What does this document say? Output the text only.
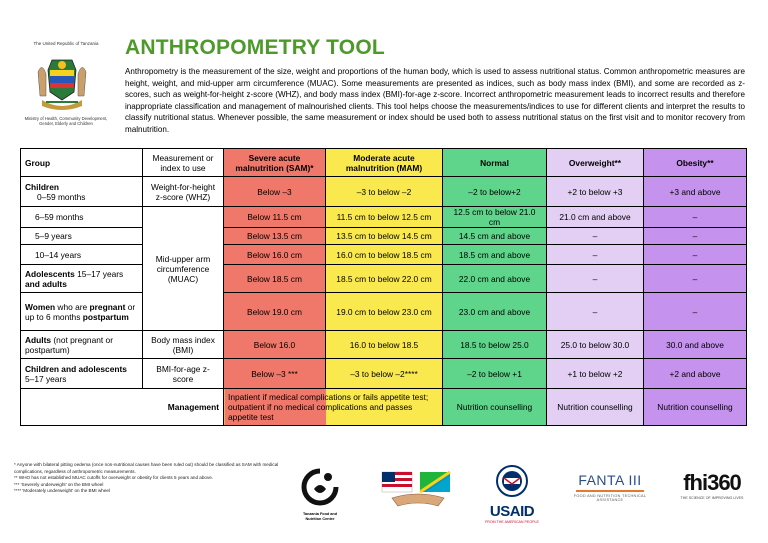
The United Republic of Tanzania
Ministry of Health, Community Development, Gender, Elderly and Children
ANTHROPOMETRY TOOL
Anthropometry is the measurement of the size, weight and proportions of the human body, which is used to assess nutritional status. Common anthropometric measures are height, weight, and mid-upper arm circumference (MUAC). Some measurements are presented as indices, such as body mass index (BMI), and some are recorded as z-scores, such as weight-for-height z-score (WHZ), and body mass index (BMI)-for-age z-score. Incorrect anthropometric measurement leads to incorrect results and therefore inappropriate classification and management of malnourished clients. This tool helps choose the measurements/indices to use for different clients and interpret the results to classify nutritional status. Whenever possible, the same measurement or index should be used both to assess nutritional status on the first visit and to monitor recovery from malnutrition.
Group	Measurement or index to use	Severe acute malnutrition (SAM)*	Moderate acute malnutrition (MAM)	Normal	Overweight**	Obesity**

Children
0–59 months	Weight-for-height z-score (WHZ)	Below –3	–3 to below –2	–2 to below+2	+2 to below +3	+3 and above
6–59 months	Mid-upper arm circumference (MUAC)	Below 11.5 cm	11.5 cm to below 12.5 cm	12.5 cm to below 21.0 cm	21.0 cm and above	–
5–9 years		Below 13.5 cm	13.5 cm to below 14.5 cm	14.5 cm and above	–	–
10–14 years		Below 16.0 cm	16.0 cm to below 18.5 cm	18.5 cm and above	–	–
Adolescents 15–17 years
and adults		Below 18.5 cm	18.5 cm to below 22.0 cm	22.0 cm and above	–	–
Women who are pregnant or up to 6 months postpartum		Below 19.0 cm	19.0 cm to below 23.0 cm	23.0 cm and above	–	–
Adults (not pregnant or postpartum)	Body mass index (BMI)	Below 16.0	16.0 to below 18.5	18.5 to below 25.0	25.0 to below 30.0	30.0 and above

Children and adolescents
5–17 years	BMI-for-age z-score	Below –3 ***	–3 to below –2****	–2 to below +1	+1 to below +2	+2 and above
Management		Inpatient if medical complications or fails appetite test; outpatient if no medical complications and passes appetite test		Nutrition counselling	Nutrition counselling	Nutrition counselling
* Anyone with bilateral pitting oedema (once non-nutritional causes have been ruled out) should be classified as SAM with medical complications, regardless of anthropometric measurements.
** WHO has not established MUAC cutoffs for overweight or obesity for clients 5 years and above.
*** 'Severely underweight' on the BMI wheel
**** 'Moderately underweight' on the BMI wheel
Tanzania Food and Nutrition Centre	USAID
FROM THE AMERICAN PEOPLE
FANTA III
FOOD AND NUTRITION TECHNICAL ASSISTANCE
fhi360
THE SCIENCE OF IMPROVING LIVES
